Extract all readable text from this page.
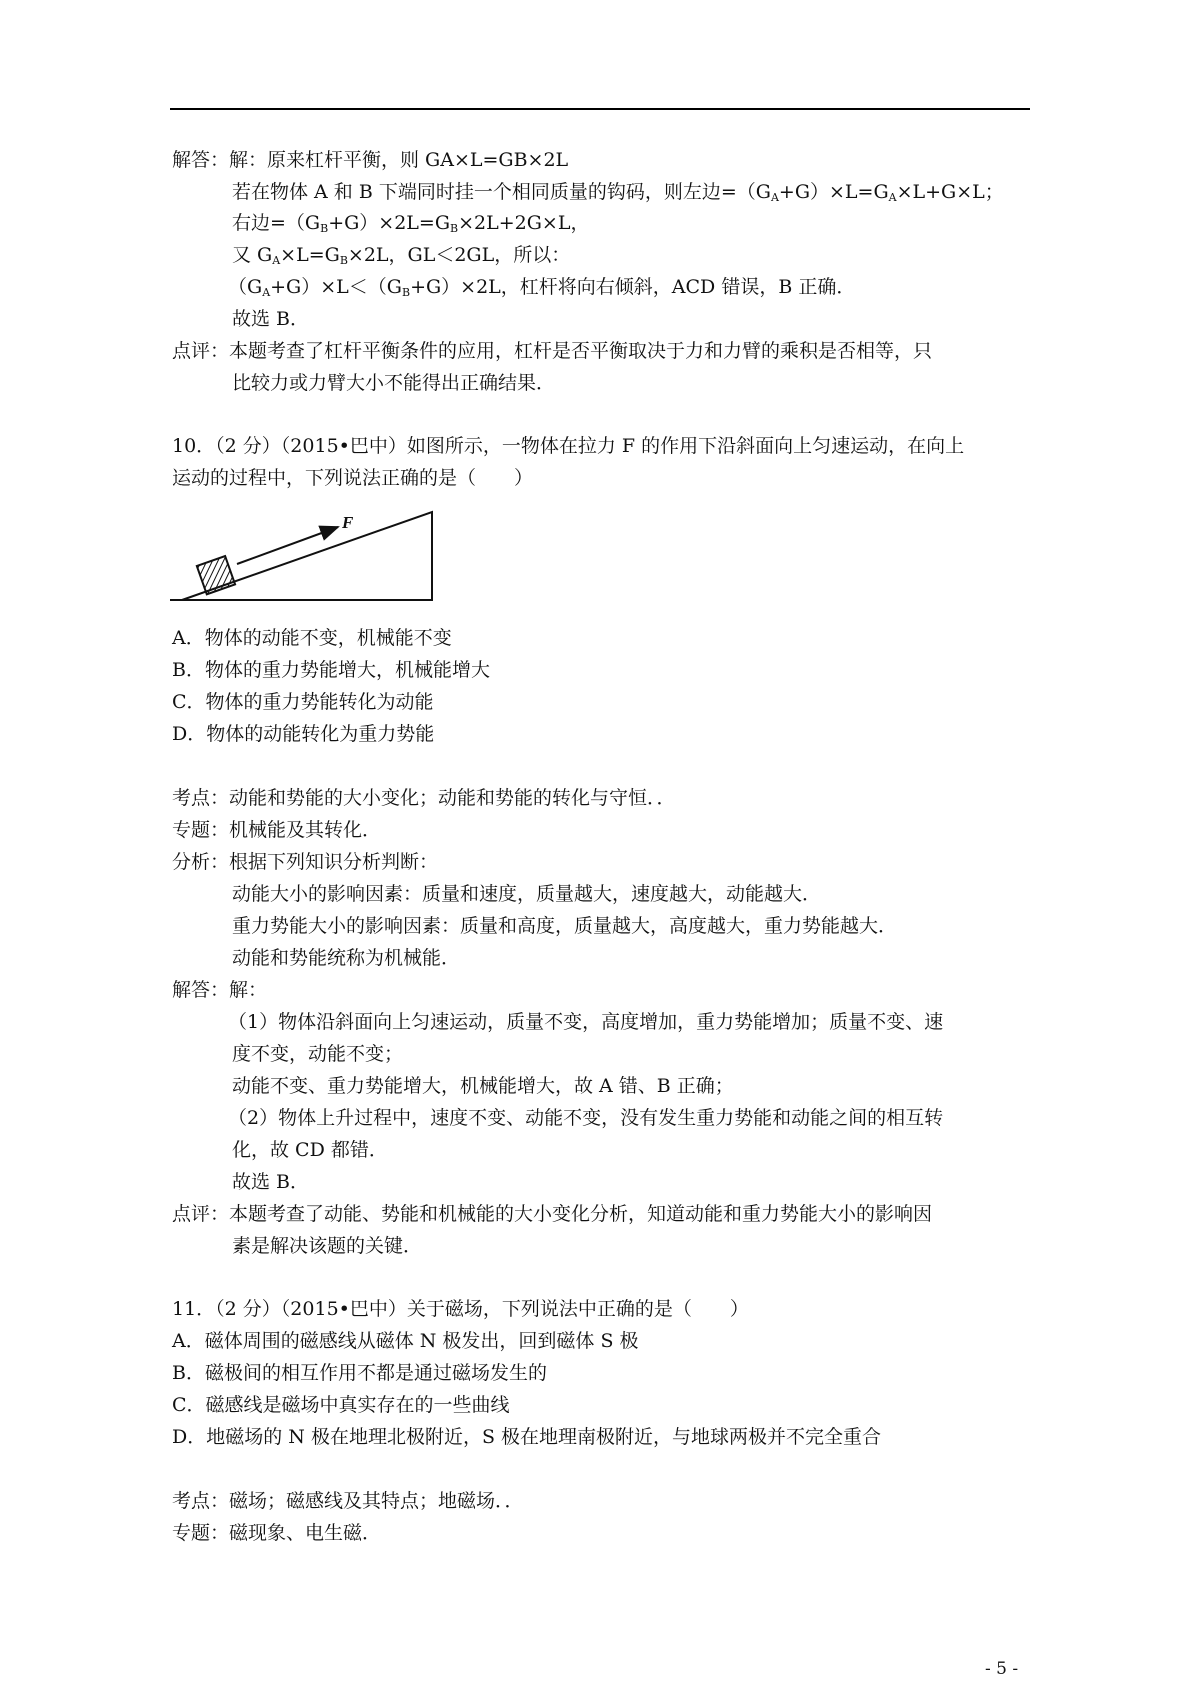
解答：解：原来杠杆平衡，则 GA×L=GB×2L
若在物体 A 和 B 下端同时挂一个相同质量的钩码，则左边$=(G_A+G)\times L=G_A\times L+G\times L$；
右边$=(G_B+G)\times 2L=G_B\times 2L+2G\times L$，
又 $G_A\times L=G_B\times 2L$，GL＜2GL，所以：
$(G_A+G)\times L<(G_B+G)\times 2L$，杠杆将向右倾斜，ACD 错误，B 正确．
故选 B．
点评：本题考查了杠杆平衡条件的应用，杠杆是否平衡取决于力和力臂的乘积是否相等，只
比较力或力臂大小不能得出正确结果．
10．（2 分）（2015•巴中）如图所示，一物体在拉力 F 的作用下沿斜面向上匀速运动，在向上
运动的过程中，下列说法正确的是（　　）
F
A．物体的动能不变，机械能不变
B．物体的重力势能增大，机械能增大
C．物体的重力势能转化为动能
D．物体的动能转化为重力势能
考点：动能和势能的大小变化；动能和势能的转化与守恒．．
专题：机械能及其转化．
分析：根据下列知识分析判断：
动能大小的影响因素：质量和速度，质量越大，速度越大，动能越大．
重力势能大小的影响因素：质量和高度，质量越大，高度越大，重力势能越大．
动能和势能统称为机械能．
解答：解：
（1）物体沿斜面向上匀速运动，质量不变，高度增加，重力势能增加；质量不变、速
度不变，动能不变；
动能不变、重力势能增大，机械能增大，故 A 错、B 正确；
（2）物体上升过程中，速度不变、动能不变，没有发生重力势能和动能之间的相互转
化，故 CD 都错．
故选 B．
点评：本题考查了动能、势能和机械能的大小变化分析，知道动能和重力势能大小的影响因
素是解决该题的关键．
11．（2 分）（2015•巴中）关于磁场，下列说法中正确的是（　　）
A．磁体周围的磁感线从磁体 N 极发出，回到磁体 S 极
B．磁极间的相互作用不都是通过磁场发生的
C．磁感线是磁场中真实存在的一些曲线
D．地磁场的 N 极在地理北极附近，S 极在地理南极附近，与地球两极并不完全重合
考点：磁场；磁感线及其特点；地磁场．．
专题：磁现象、电生磁．
- 5 -
